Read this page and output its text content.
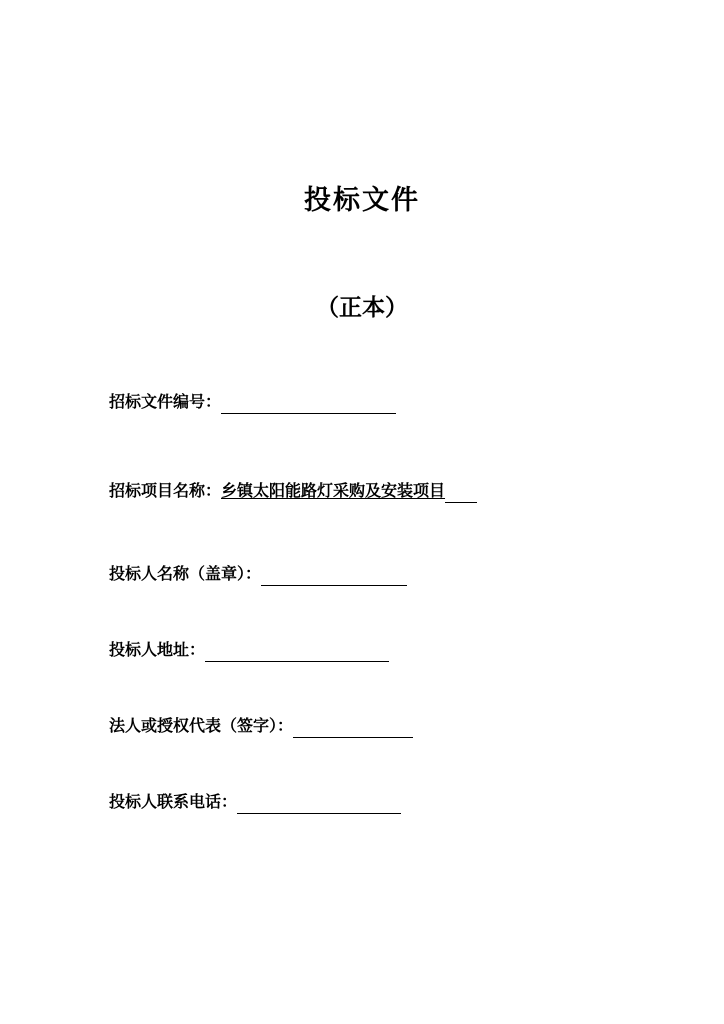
投标文件
（正本）
招标文件编号：
招标项目名称：乡镇太阳能路灯采购及安装项目
投标人名称（盖章）：
投标人地址：
法人或授权代表（签字）：
投标人联系电话：
